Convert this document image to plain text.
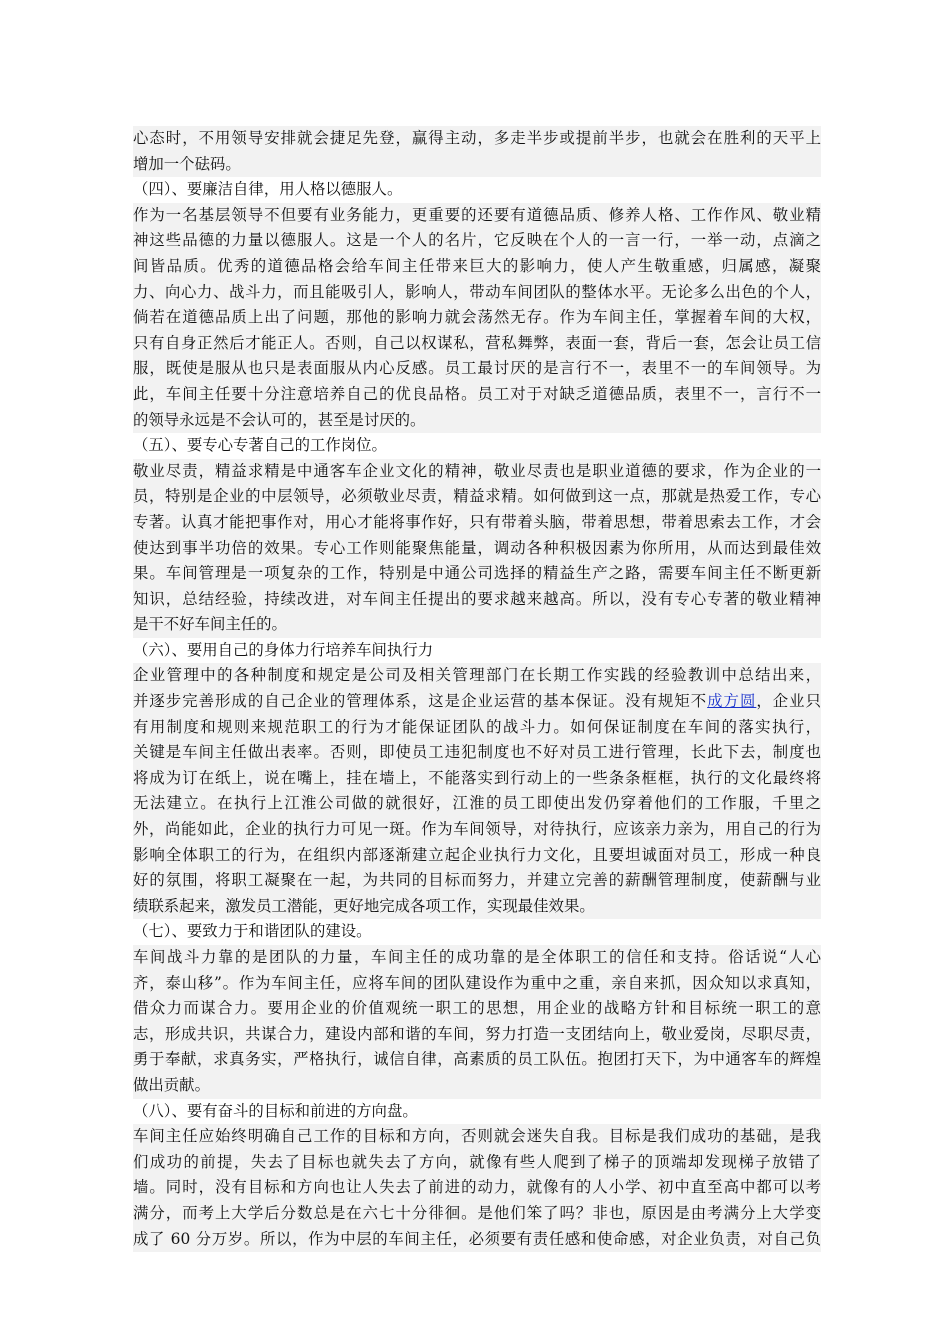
心态时，不用领导安排就会捷足先登，赢得主动，多走半步或提前半步，也就会在胜利的天平上
增加一个砝码。
（四）、要廉洁自律，用人格以德服人。
作为一名基层领导不但要有业务能力，更重要的还要有道德品质、修养人格、工作作风、敬业精
神这些品德的力量以德服人。这是一个人的名片，它反映在个人的一言一行，一举一动，点滴之
间皆品质。优秀的道德品格会给车间主任带来巨大的影响力，使人产生敬重感，归属感，凝聚
力、向心力、战斗力，而且能吸引人，影响人，带动车间团队的整体水平。无论多么出色的个人，
倘若在道德品质上出了问题，那他的影响力就会荡然无存。作为车间主任，掌握着车间的大权，
只有自身正然后才能正人。否则，自己以权谋私，营私舞弊，表面一套，背后一套，怎会让员工信
服，既使是服从也只是表面服从内心反感。员工最讨厌的是言行不一，表里不一的车间领导。为
此，车间主任要十分注意培养自己的优良品格。员工对于对缺乏道德品质，表里不一，言行不一
的领导永远是不会认可的，甚至是讨厌的。
（五）、要专心专著自己的工作岗位。
敬业尽责，精益求精是中通客车企业文化的精神，敬业尽责也是职业道德的要求，作为企业的一
员，特别是企业的中层领导，必须敬业尽责，精益求精。如何做到这一点，那就是热爱工作，专心
专著。认真才能把事作对，用心才能将事作好，只有带着头脑，带着思想，带着思索去工作，才会
使达到事半功倍的效果。专心工作则能聚焦能量，调动各种积极因素为你所用，从而达到最佳效
果。车间管理是一项复杂的工作，特别是中通公司选择的精益生产之路，需要车间主任不断更新
知识，总结经验，持续改进，对车间主任提出的要求越来越高。所以，没有专心专著的敬业精神
是干不好车间主任的。
（六）、要用自己的身体力行培养车间执行力
企业管理中的各种制度和规定是公司及相关管理部门在长期工作实践的经验教训中总结出来，
并逐步完善形成的自己企业的管理体系，这是企业运营的基本保证。没有规矩不成方圆，企业只
有用制度和规则来规范职工的行为才能保证团队的战斗力。如何保证制度在车间的落实执行，
关键是车间主任做出表率。否则，即使员工违犯制度也不好对员工进行管理，长此下去，制度也
将成为订在纸上，说在嘴上，挂在墙上，不能落实到行动上的一些条条框框，执行的文化最终将
无法建立。在执行上江淮公司做的就很好，江淮的员工即使出发仍穿着他们的工作服，千里之
外，尚能如此，企业的执行力可见一斑。作为车间领导，对待执行，应该亲力亲为，用自己的行为
影响全体职工的行为，在组织内部逐渐建立起企业执行力文化，且要坦诚面对员工，形成一种良
好的氛围，将职工凝聚在一起，为共同的目标而努力，并建立完善的薪酬管理制度，使薪酬与业
绩联系起来，激发员工潜能，更好地完成各项工作，实现最佳效果。
（七）、要致力于和谐团队的建设。
车间战斗力靠的是团队的力量，车间主任的成功靠的是全体职工的信任和支持。俗话说“人心
齐，泰山移”。作为车间主任，应将车间的团队建设作为重中之重，亲自来抓，因众知以求真知，
借众力而谋合力。要用企业的价值观统一职工的思想，用企业的战略方针和目标统一职工的意
志，形成共识，共谋合力，建设内部和谐的车间，努力打造一支团结向上，敬业爱岗，尽职尽责，
勇于奉献，求真务实，严格执行，诚信自律，高素质的员工队伍。抱团打天下，为中通客车的辉煌
做出贡献。
（八）、要有奋斗的目标和前进的方向盘。
车间主任应始终明确自己工作的目标和方向，否则就会迷失自我。目标是我们成功的基础，是我
们成功的前提，失去了目标也就失去了方向，就像有些人爬到了梯子的顶端却发现梯子放错了
墙。同时，没有目标和方向也让人失去了前进的动力，就像有的人小学、初中直至高中都可以考
满分，而考上大学后分数总是在六七十分徘徊。是他们笨了吗？非也，原因是由考满分上大学变
成了 60 分万岁。所以，作为中层的车间主任，必须要有责任感和使命感，对企业负责，对自己负
